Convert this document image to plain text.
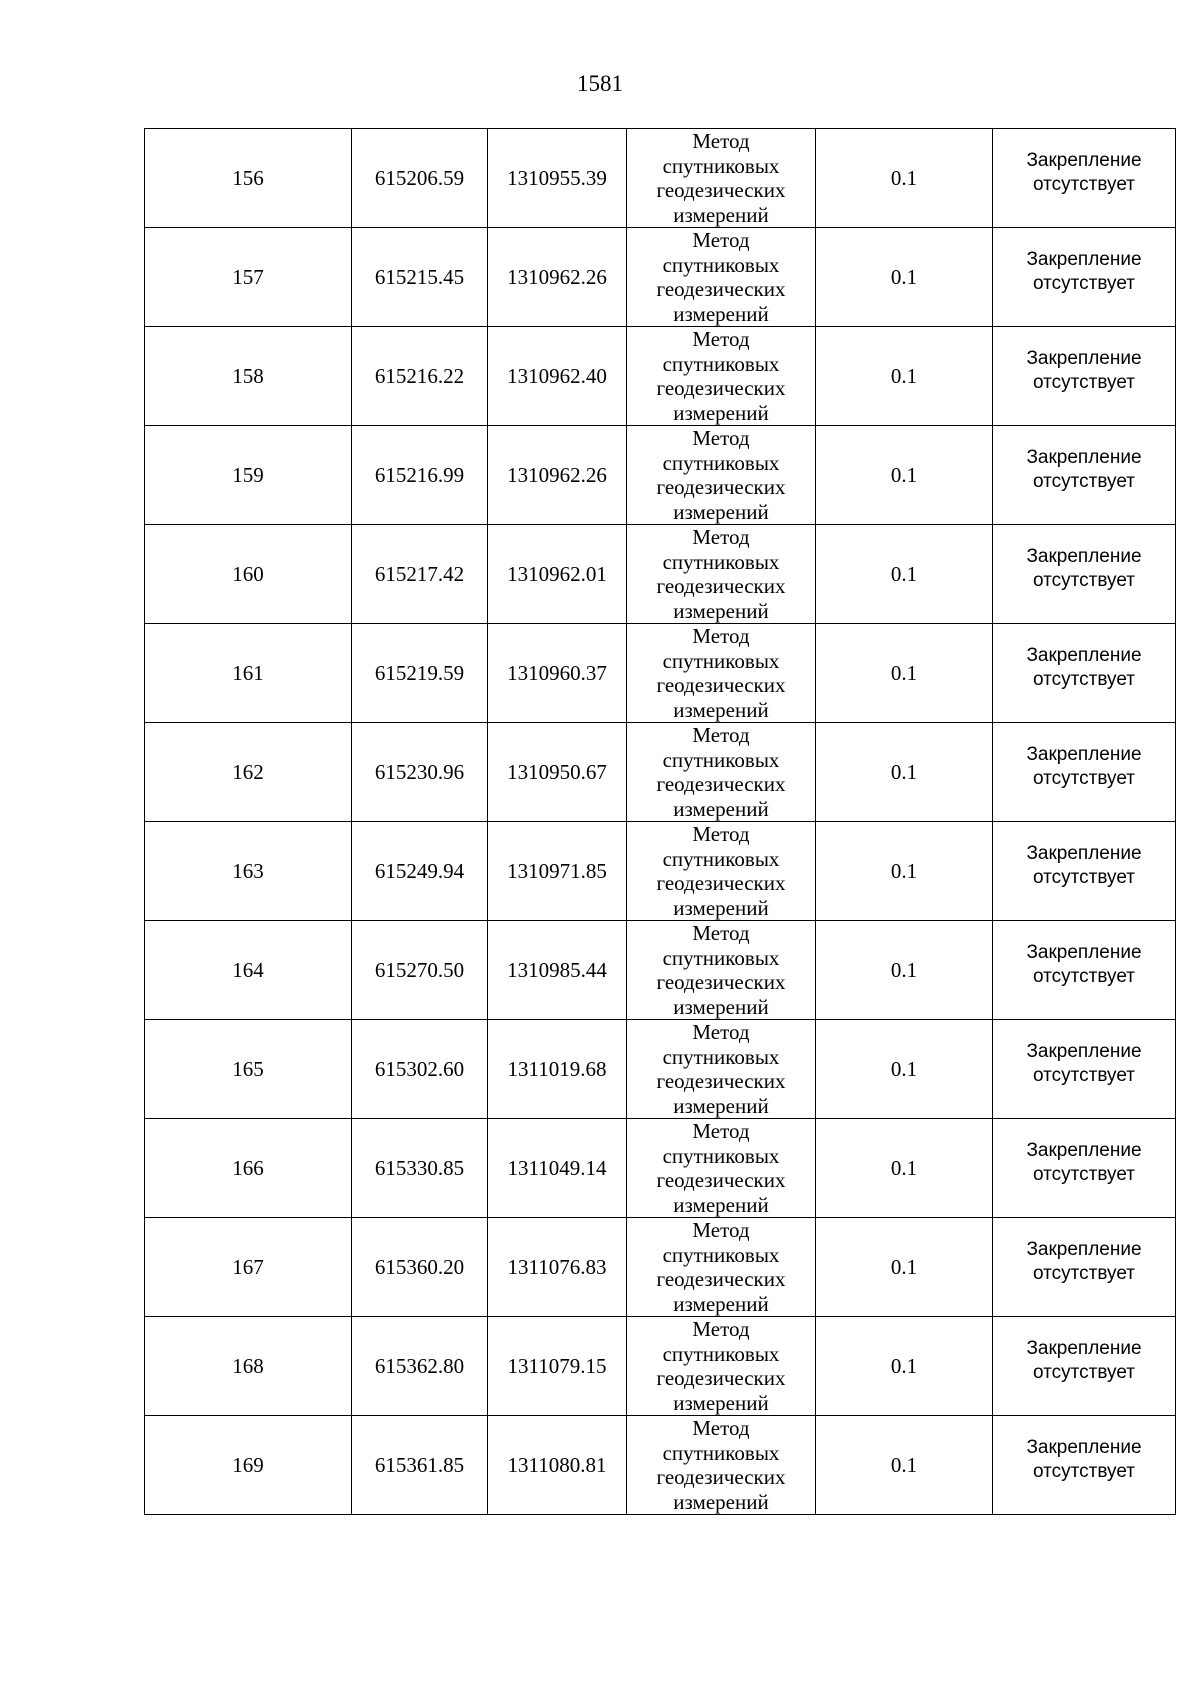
1581
156	615206.59	1310955.39	Метод
спутниковых
геодезических
измерений	0.1	Закрепление
отсутствует
157	615215.45	1310962.26	Метод
спутниковых
геодезических
измерений	0.1	Закрепление
отсутствует
158	615216.22	1310962.40	Метод
спутниковых
геодезических
измерений	0.1	Закрепление
отсутствует
159	615216.99	1310962.26	Метод
спутниковых
геодезических
измерений	0.1	Закрепление
отсутствует
160	615217.42	1310962.01	Метод
спутниковых
геодезических
измерений	0.1	Закрепление
отсутствует
161	615219.59	1310960.37	Метод
спутниковых
геодезических
измерений	0.1	Закрепление
отсутствует
162	615230.96	1310950.67	Метод
спутниковых
геодезических
измерений	0.1	Закрепление
отсутствует
163	615249.94	1310971.85	Метод
спутниковых
геодезических
измерений	0.1	Закрепление
отсутствует
164	615270.50	1310985.44	Метод
спутниковых
геодезических
измерений	0.1	Закрепление
отсутствует
165	615302.60	1311019.68	Метод
спутниковых
геодезических
измерений	0.1	Закрепление
отсутствует
166	615330.85	1311049.14	Метод
спутниковых
геодезических
измерений	0.1	Закрепление
отсутствует
167	615360.20	1311076.83	Метод
спутниковых
геодезических
измерений	0.1	Закрепление
отсутствует
168	615362.80	1311079.15	Метод
спутниковых
геодезических
измерений	0.1	Закрепление
отсутствует
169	615361.85	1311080.81	Метод
спутниковых
геодезических
измерений	0.1	Закрепление
отсутствует
